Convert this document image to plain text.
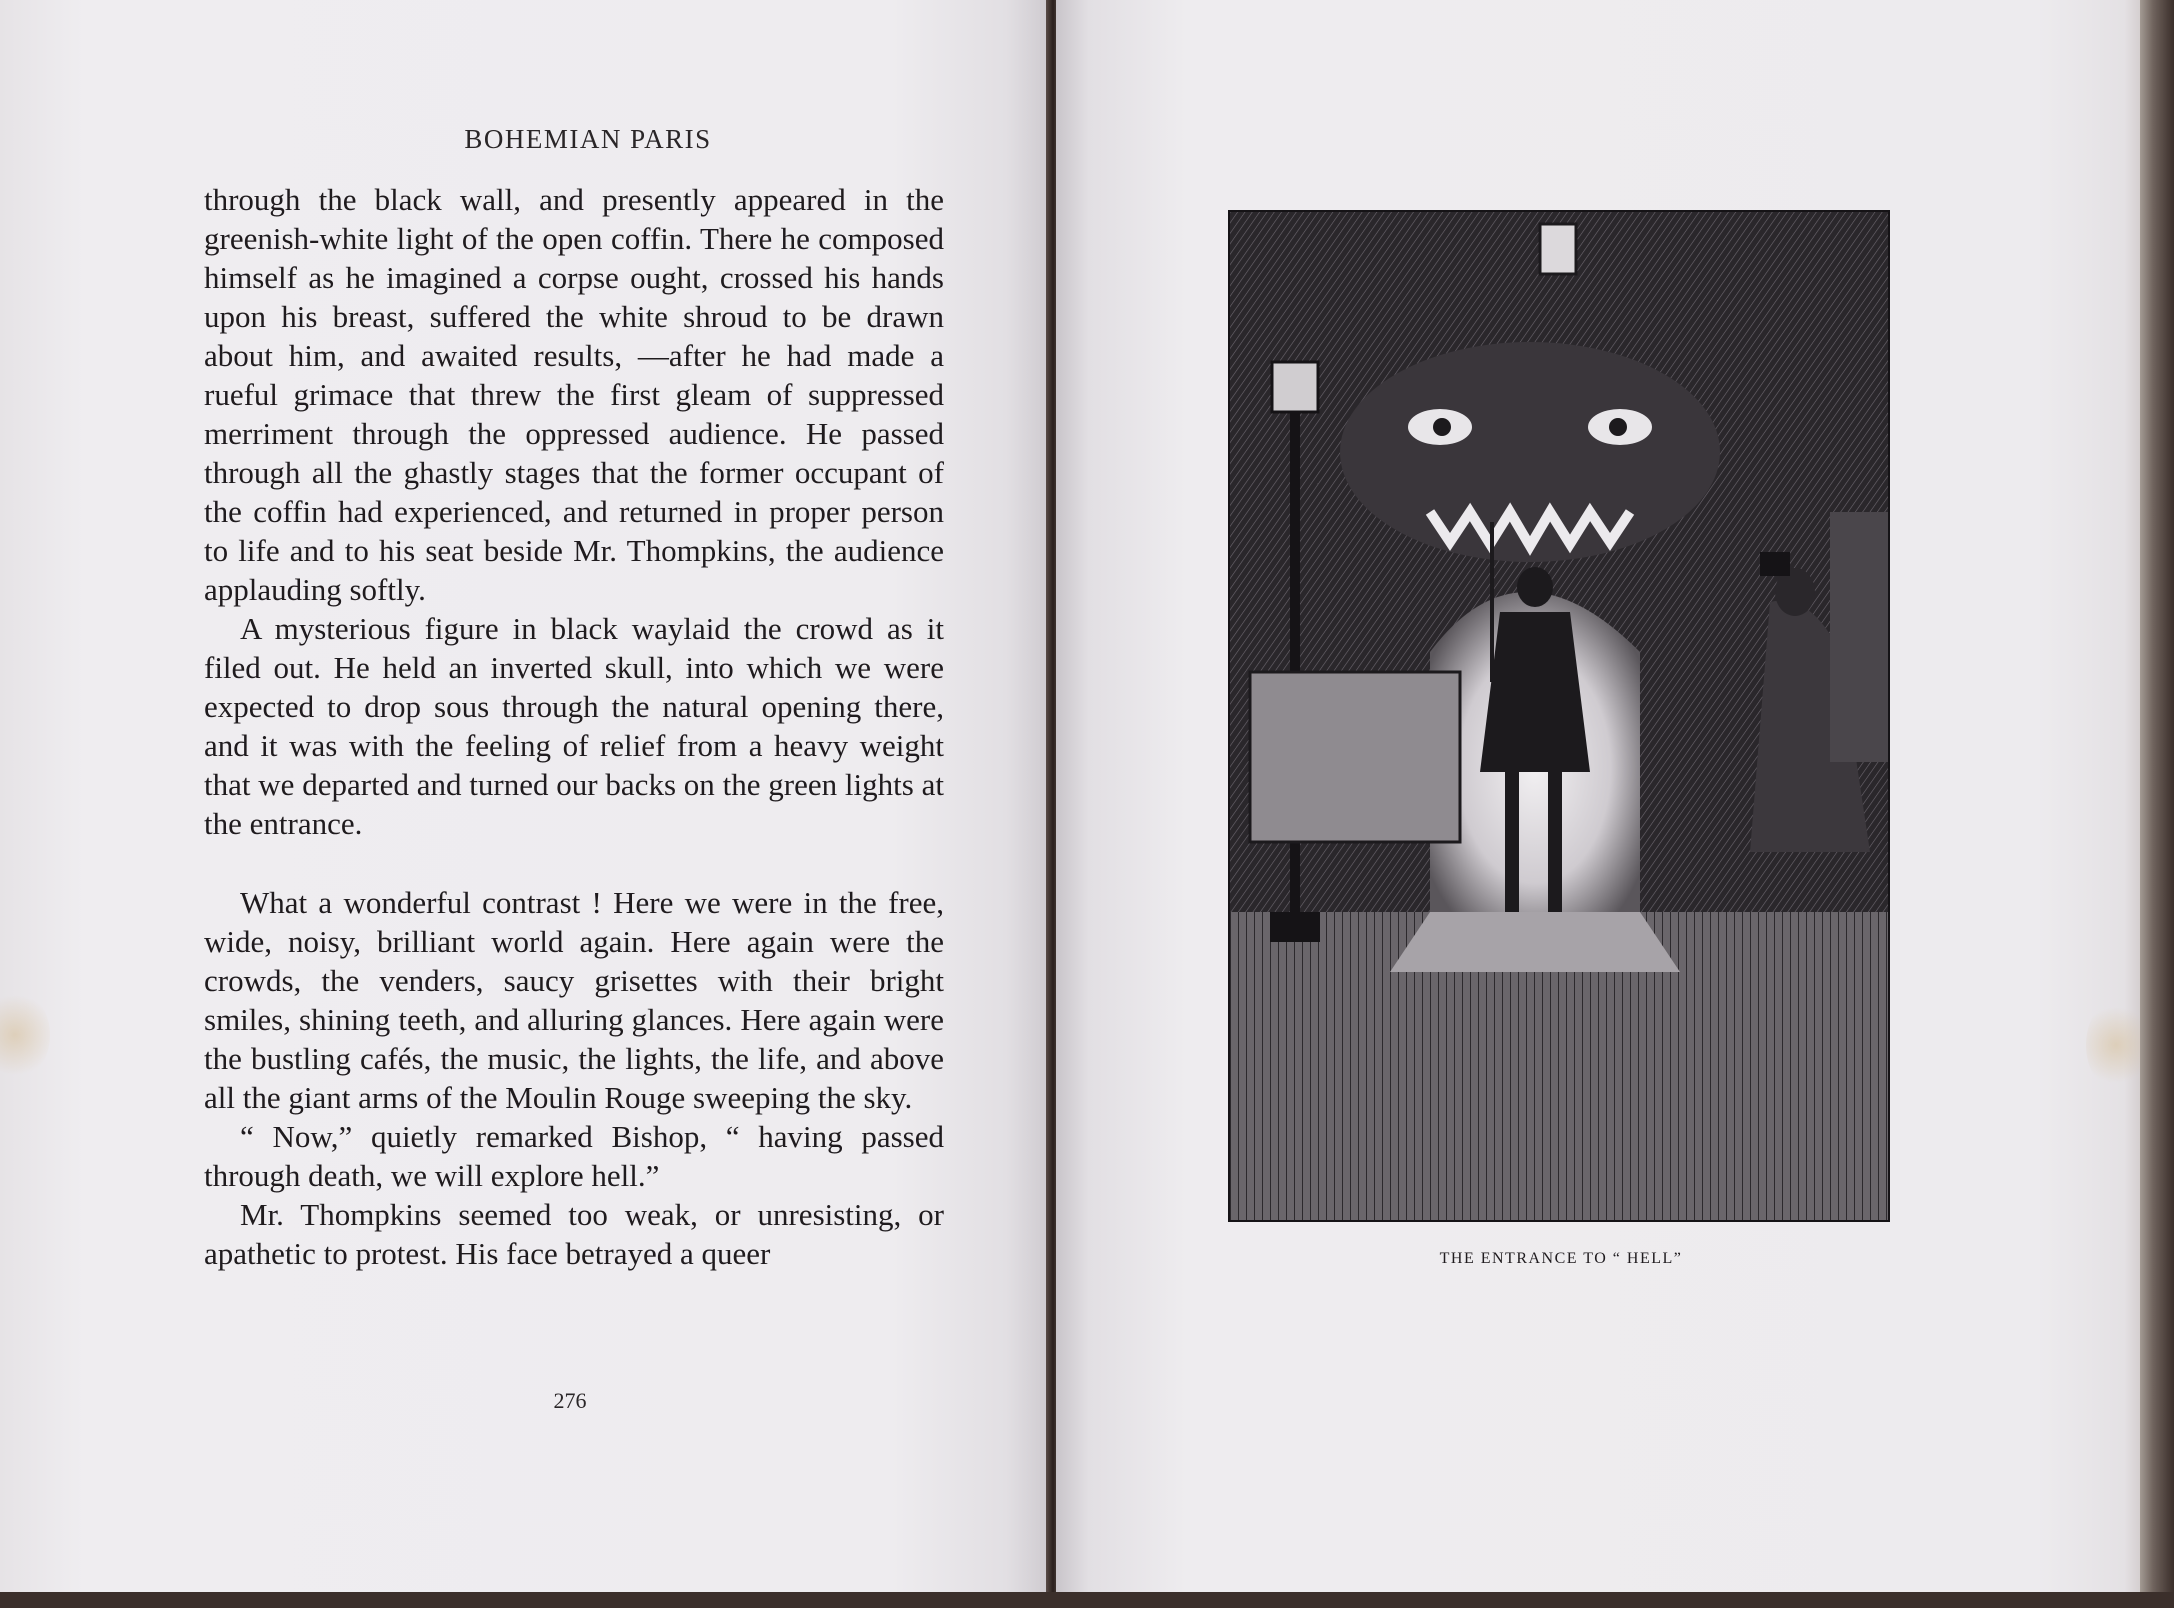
BOHEMIAN PARIS

through the black wall, and presently appeared in the greenish-white light of the open coffin. There he composed himself as he imagined a corpse ought, crossed his hands upon his breast, suffered the white shroud to be drawn about him, and awaited results, —after he had made a rueful grimace that threw the first gleam of suppressed merriment through the oppressed audience. He passed through all the ghastly stages that the former occupant of the coffin had experienced, and returned in proper person to life and to his seat beside Mr. Thompkins, the audience applauding softly.

A mysterious figure in black waylaid the crowd as it filed out. He held an inverted skull, into which we were expected to drop sous through the natural opening there, and it was with the feeling of relief from a heavy weight that we departed and turned our backs on the green lights at the entrance.

What a wonderful contrast ! Here we were in the free, wide, noisy, brilliant world again. Here again were the crowds, the venders, saucy grisettes with their bright smiles, shining teeth, and alluring glances. Here again were the bustling cafés, the music, the lights, the life, and above all the giant arms of the Moulin Rouge sweeping the sky.

“ Now,” quietly remarked Bishop, “ having passed through death, we will explore hell.”

Mr. Thompkins seemed too weak, or unresisting, or apathetic to protest. His face betrayed a queer

276
THE ENTRANCE TO “ HELL”
